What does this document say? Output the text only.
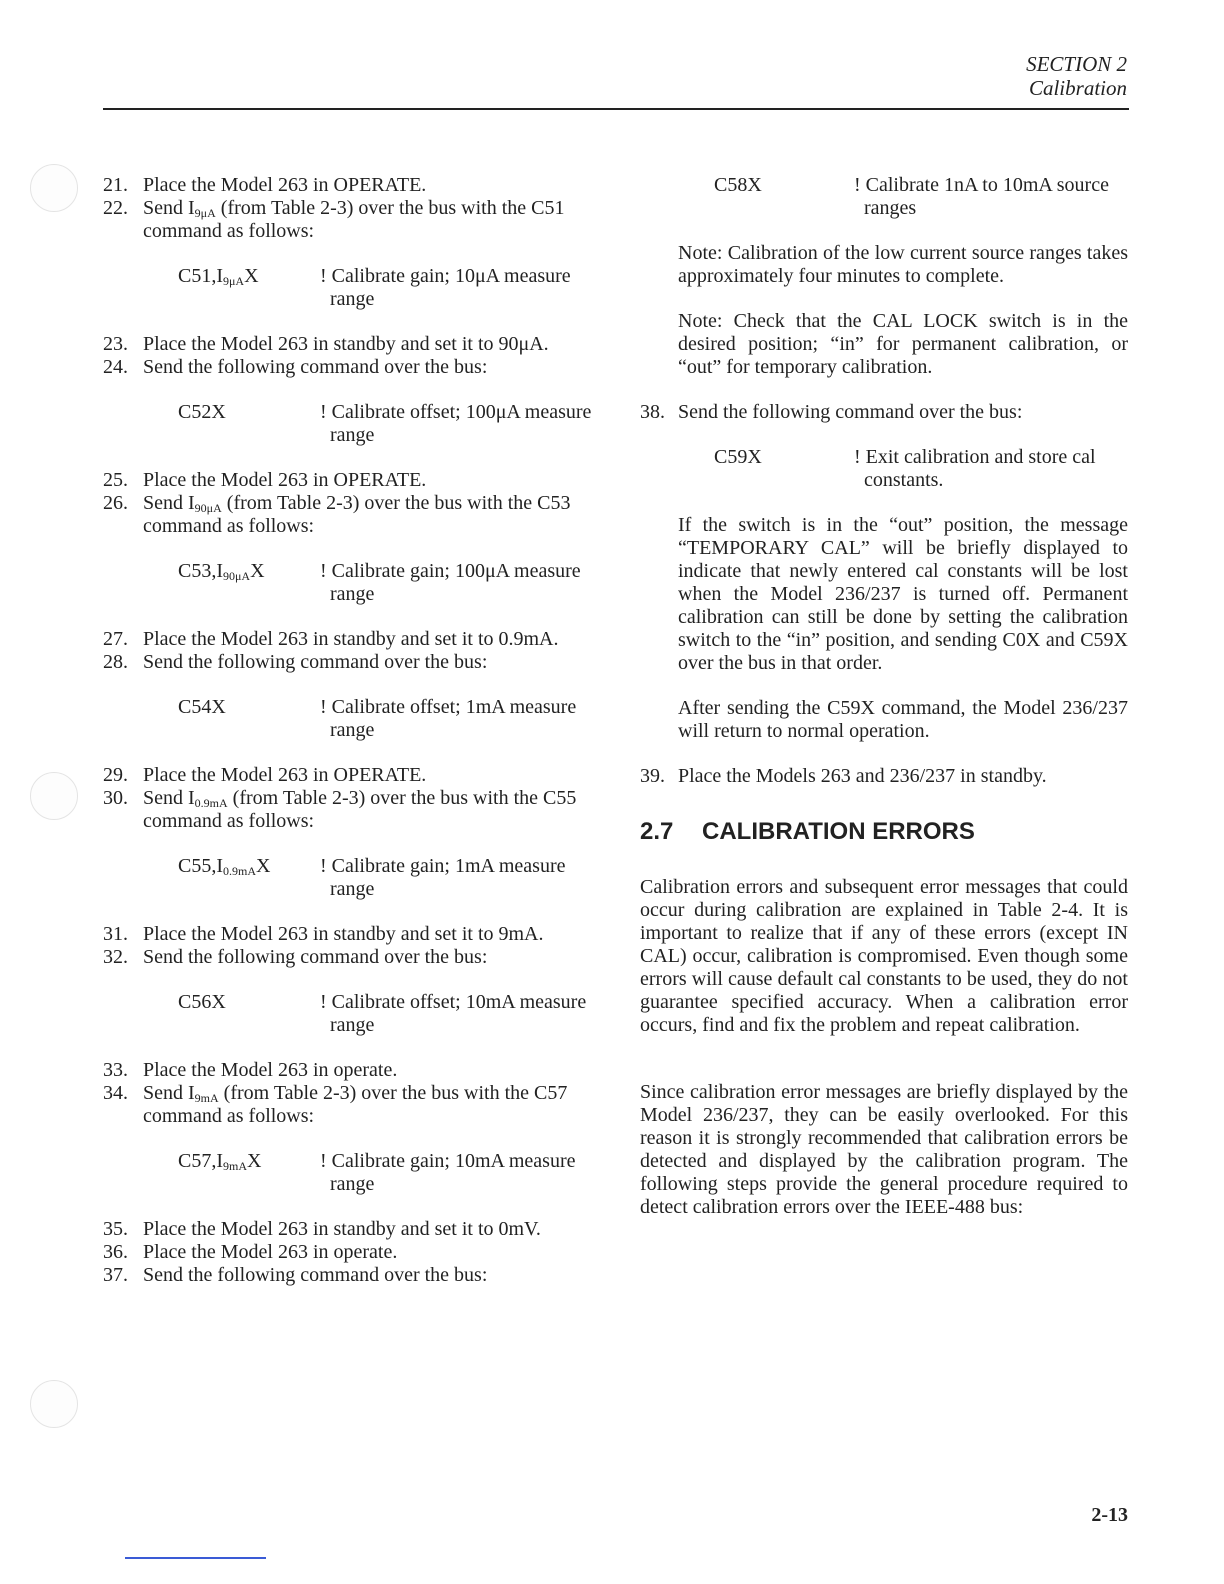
SECTION 2
Calibration
21. Place the Model 263 in OPERATE.
22. Send $I_{9\mu A}$ (from Table 2-3) over the bus with the C51 command as follows:
$C51,I_{9\mu A}X$	! Calibrate gain; 10μA measure range
23. Place the Model 263 in standby and set it to 90μA.
24. Send the following command over the bus:
C52X	! Calibrate offset; 100μA measure range
25. Place the Model 263 in OPERATE.
26. Send $I_{90\mu A}$ (from Table 2-3) over the bus with the C53 command as follows:
$C53,I_{90\mu A}X$	! Calibrate gain; 100μA measure range
27. Place the Model 263 in standby and set it to 0.9mA.
28. Send the following command over the bus:
C54X	! Calibrate offset; 1mA measure range
29. Place the Model 263 in OPERATE.
30. Send $I_{0.9mA}$ (from Table 2-3) over the bus with the C55 command as follows:
$C55,I_{0.9mA}X$	! Calibrate gain; 1mA measure range
31. Place the Model 263 in standby and set it to 9mA.
32. Send the following command over the bus:
C56X	! Calibrate offset; 10mA measure range
33. Place the Model 263 in operate.
34. Send $I_{9mA}$ (from Table 2-3) over the bus with the C57 command as follows:
$C57,I_{9mA}X$	! Calibrate gain; 10mA measure range
35. Place the Model 263 in standby and set it to 0mV.
36. Place the Model 263 in operate.
37. Send the following command over the bus:
C58X	! Calibrate 1nA to 10mA source ranges

Note: Calibration of the low current source ranges takes approximately four minutes to complete.

Note: Check that the CAL LOCK switch is in the desired position; “in” for permanent calibration, or “out” for temporary calibration.

38. Send the following command over the bus:
C59X	! Exit calibration and store cal constants.

If the switch is in the “out” position, the message “TEMPORARY CAL” will be briefly displayed to indicate that newly entered cal constants will be lost when the Model 236/237 is turned off. Permanent calibration can still be done by setting the calibration switch to the “in” position, and sending C0X and C59X over the bus in that order.

After sending the C59X command, the Model 236/237 will return to normal operation.

39. Place the Models 263 and 236/237 in standby.
2.7	CALIBRATION ERRORS

Calibration errors and subsequent error messages that could occur during calibration are explained in Table 2-4. It is important to realize that if any of these errors (except IN CAL) occur, calibration is compromised. Even though some errors will cause default cal constants to be used, they do not guarantee specified accuracy. When a calibration error occurs, find and fix the problem and repeat calibration.

Since calibration error messages are briefly displayed by the Model 236/237, they can be easily overlooked. For this reason it is strongly recommended that calibration errors be detected and displayed by the calibration program. The following steps provide the general procedure required to detect calibration errors over the IEEE-488 bus:

2-13
